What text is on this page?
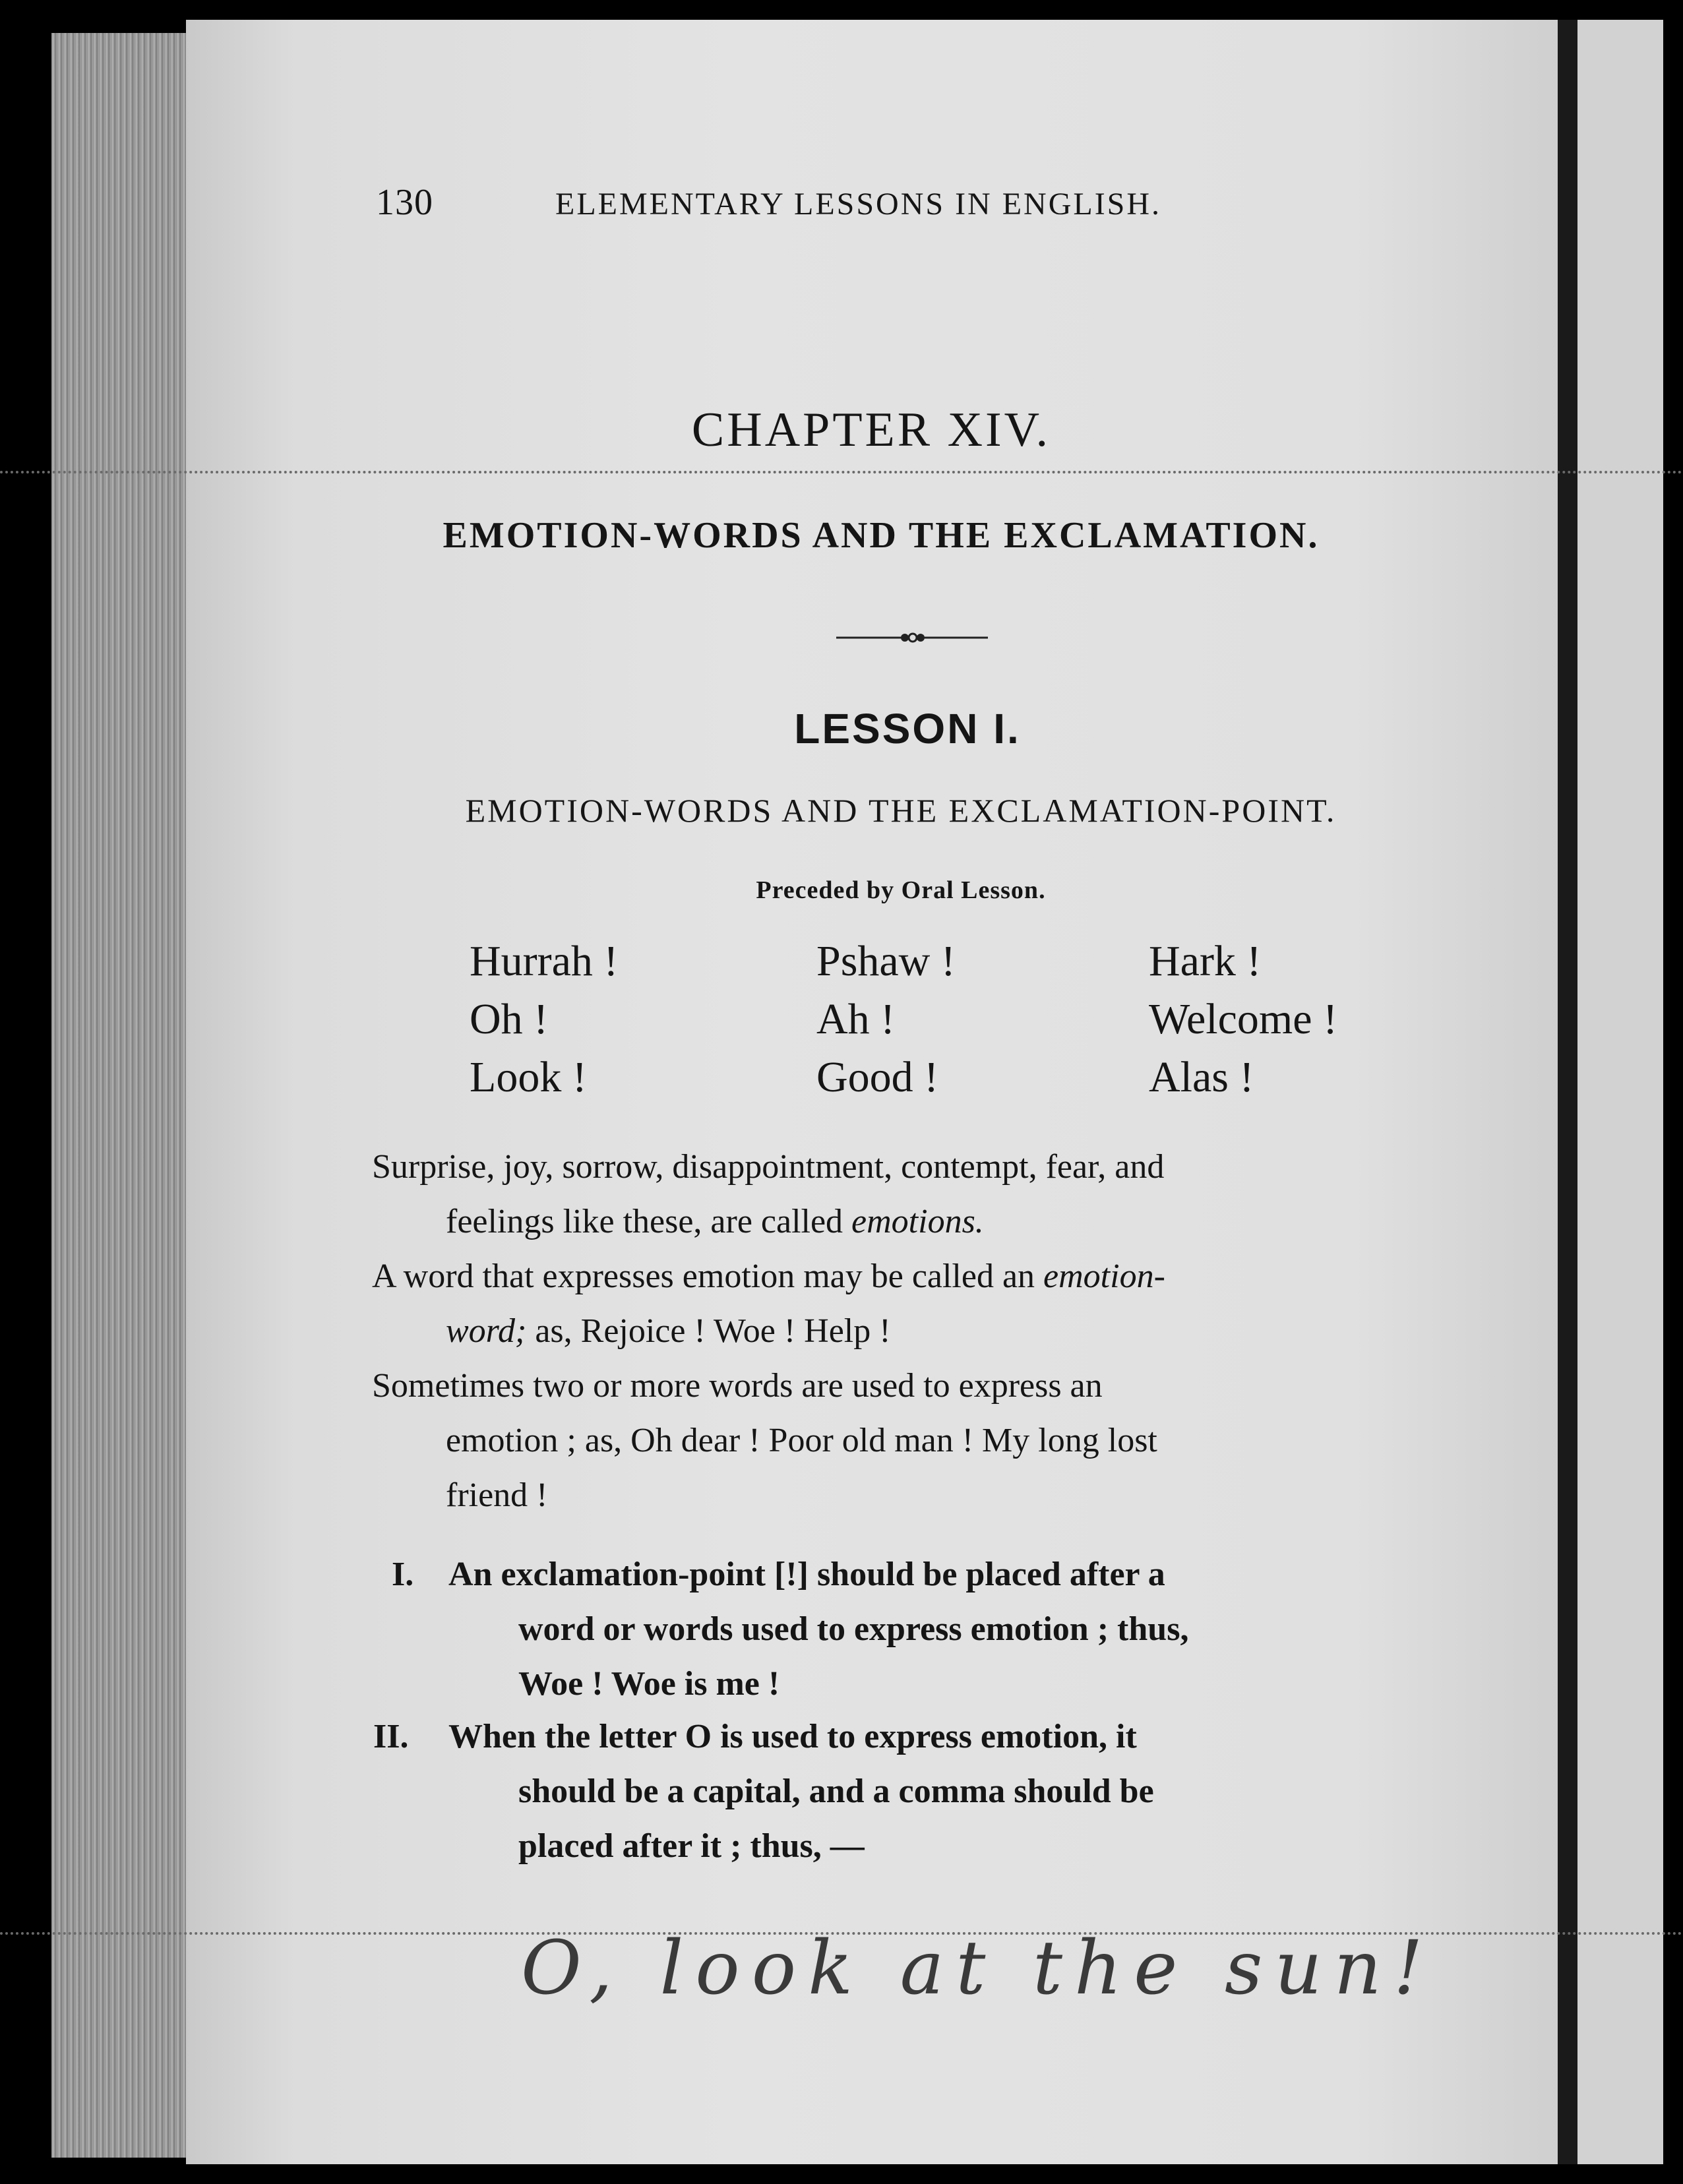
130	ELEMENTARY LESSONS IN ENGLISH.
CHAPTER XIV.
EMOTION-WORDS AND THE EXCLAMATION.
LESSON I.
EMOTION-WORDS AND THE EXCLAMATION-POINT.
Preceded by Oral Lesson.
Hurrah !
Oh !
Look !
Pshaw !
Ah !
Good !
Hark !
Welcome !
Alas !
Surprise, joy, sorrow, disappointment, contempt, fear, and
feelings like these, are called emotions.
A word that expresses emotion may be called an emotion-
word; as, Rejoice ! Woe ! Help !
Sometimes two or more words are used to express an
emotion ; as, Oh dear ! Poor old man ! My long lost
friend !
I. An exclamation-point [!] should be placed after a
word or words used to express emotion ; thus,
Woe ! Woe is me !
II. When the letter O is used to express emotion, it
should be a capital, and a comma should be
placed after it ; thus, —
O, look at the sun!
